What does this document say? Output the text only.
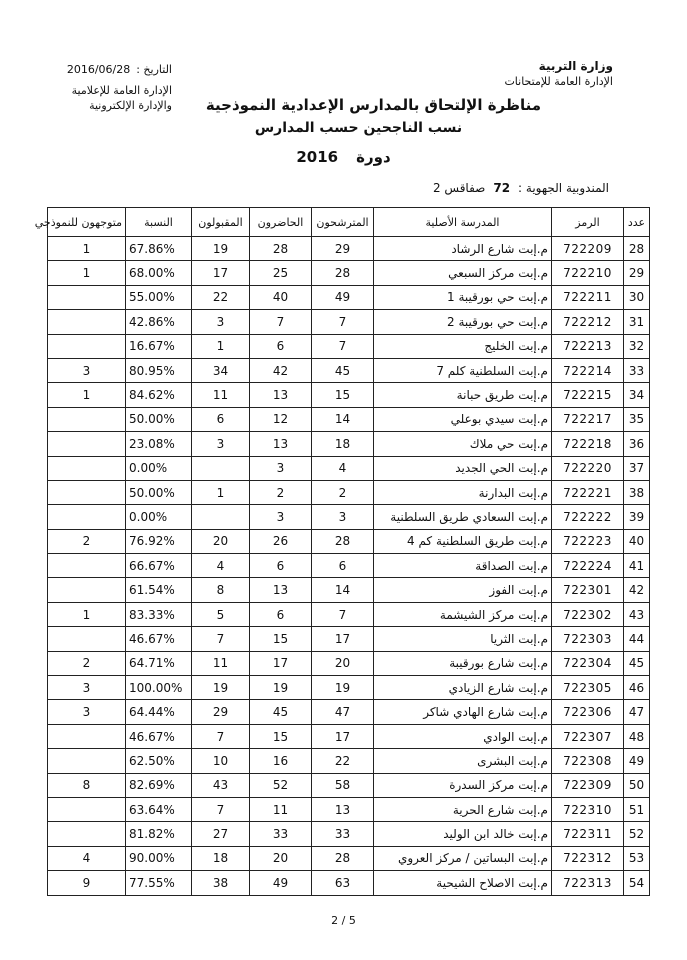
وزارة التربية
الإدارة العامة للإمتحانات
التاريخ :
2016/06/28
الإدارة العامة للإعلامية
والإدارة الإلكترونية	مناظرة الإلتحاق بالمدارس الإعدادية النموذجية
نسب الناجحين حسب المدارس
دورة
2016
المندوبية الجهوية :
72
صفاقس 2
عدد	الرمز	المدرسة الأصلية	المترشحون	الحاضرون	المقبولون	النسبة	متوجهون للنموذجي
28	722209	م.إبت شارع الرشاد	29	28	19	67.86%	1
29	722210	م.إبت مركز السبعي	28	25	17	68.00%	1
30	722211	م.إبت حي بورقيبة 1	49	40	22	55.00%	
31	722212	م.إبت حي بورقيبة 2	7	7	3	42.86%	
32	722213	م.إبت الخليج	7	6	1	16.67%	
33	722214	م.إبت السلطنية كلم 7	45	42	34	80.95%	3
34	722215	م.إبت طريق حبانة	15	13	11	84.62%	1
35	722217	م.إبت سيدي بوعلي	14	12	6	50.00%	
36	722218	م.إبت حي ملاك	18	13	3	23.08%	
37	722220	م.إبت الحي الجديد	4	3		0.00%	
38	722221	م.إبت البدارنة	2	2	1	50.00%	
39	722222	م.إبت السعادي طريق السلطنية	3	3		0.00%	
40	722223	م.إبت طريق السلطنية كم 4	28	26	20	76.92%	2
41	722224	م.إبت الصداقة	6	6	4	66.67%	
42	722301	م.إبت الفوز	14	13	8	61.54%	
43	722302	م.إبت مركز الشيشمة	7	6	5	83.33%	1
44	722303	م.إبت الثريا	17	15	7	46.67%	
45	722304	م.إبت شارع بورقيبة	20	17	11	64.71%	2
46	722305	م.إبت شارع الزيادي	19	19	19	100.00%	3
47	722306	م.إبت شارع الهادي شاكر	47	45	29	64.44%	3
48	722307	م.إبت الوادي	17	15	7	46.67%	
49	722308	م.إبت البشرى	22	16	10	62.50%	
50	722309	م.إبت مركز السدرة	58	52	43	82.69%	8
51	722310	م.إبت شارع الحرية	13	11	7	63.64%	
52	722311	م.إبت خالد ابن الوليد	33	33	27	81.82%	
53	722312	م.إبت البساتين / مركز العروي	28	20	18	90.00%	4
54	722313	م.إبت الاصلاح الشيحية	63	49	38	77.55%	9
2 / 5
